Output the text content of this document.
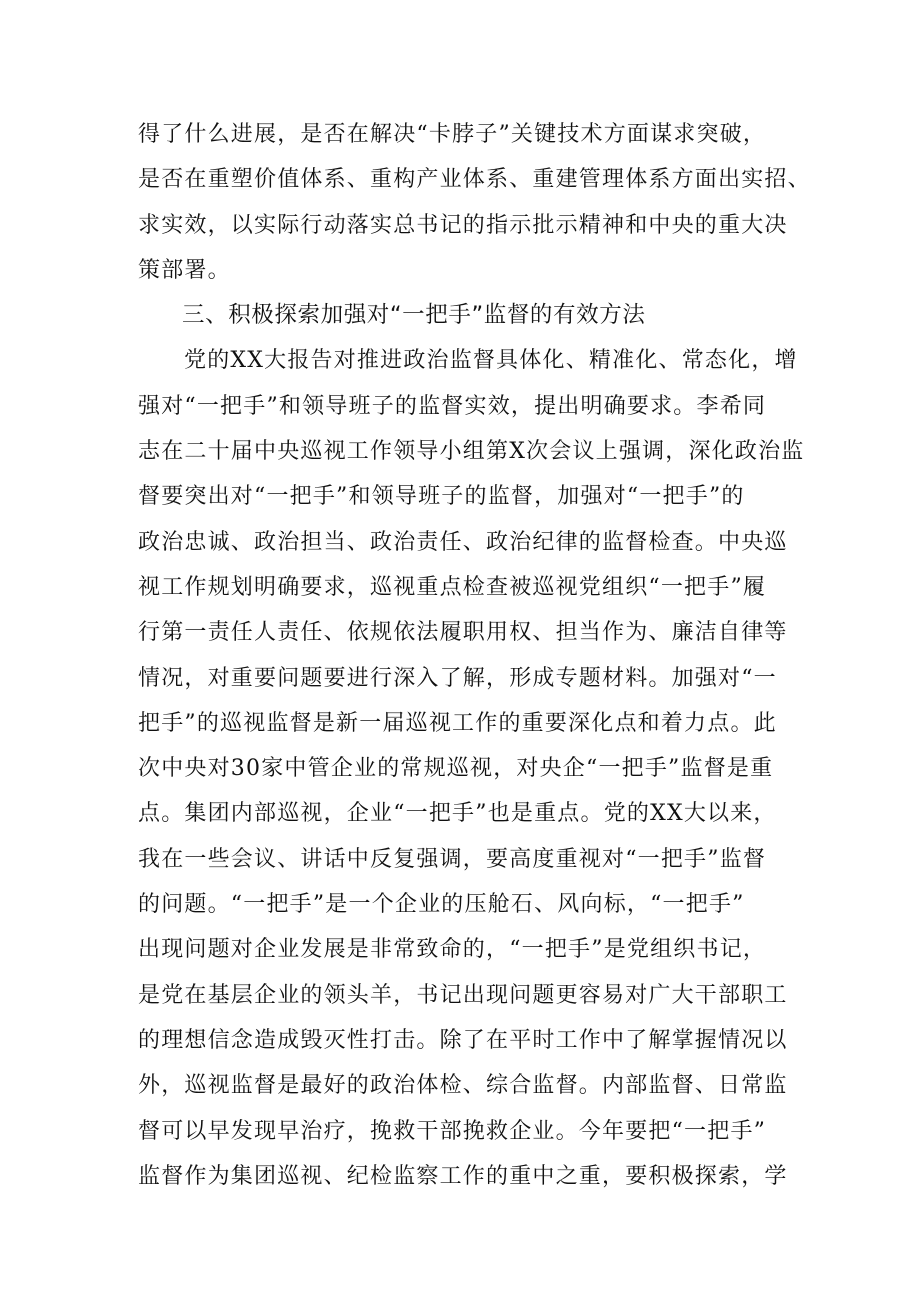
得了什么进展，是否在解决“卡脖子”关键技术方面谋求突破，
是否在重塑价值体系、重构产业体系、重建管理体系方面出实招、
求实效，以实际行动落实总书记的指示批示精神和中央的重大决
策部署。
三、积极探索加强对“一把手”监督的有效方法
党的XX大报告对推进政治监督具体化、精准化、常态化，增
强对“一把手”和领导班子的监督实效，提出明确要求。李希同
志在二十届中央巡视工作领导小组第X次会议上强调，深化政治监
督要突出对“一把手”和领导班子的监督，加强对“一把手”的
政治忠诚、政治担当、政治责任、政治纪律的监督检查。中央巡
视工作规划明确要求，巡视重点检查被巡视党组织“一把手”履
行第一责任人责任、依规依法履职用权、担当作为、廉洁自律等
情况，对重要问题要进行深入了解，形成专题材料。加强对“一
把手”的巡视监督是新一届巡视工作的重要深化点和着力点。此
次中央对30家中管企业的常规巡视，对央企“一把手”监督是重
点。集团内部巡视，企业“一把手”也是重点。党的XX大以来，
我在一些会议、讲话中反复强调，要高度重视对“一把手”监督
的问题。“一把手”是一个企业的压舱石、风向标，“一把手”
出现问题对企业发展是非常致命的，“一把手”是党组织书记，
是党在基层企业的领头羊，书记出现问题更容易对广大干部职工
的理想信念造成毁灭性打击。除了在平时工作中了解掌握情况以
外，巡视监督是最好的政治体检、综合监督。内部监督、日常监
督可以早发现早治疗，挽救干部挽救企业。今年要把“一把手”
监督作为集团巡视、纪检监察工作的重中之重，要积极探索，学
